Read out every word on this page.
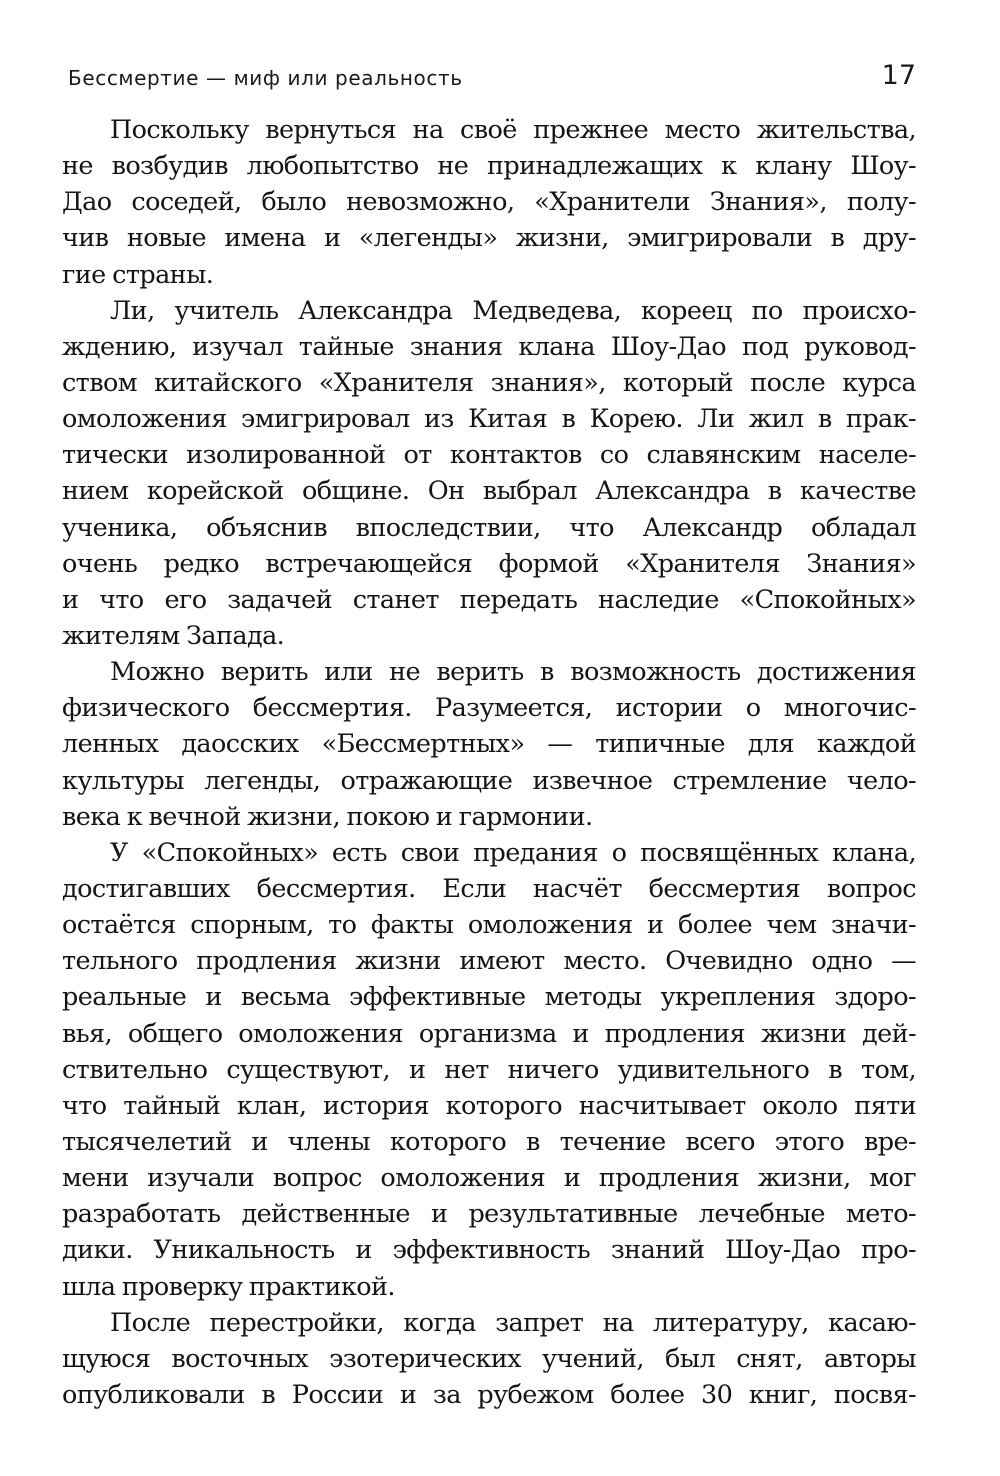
Бессмертие — миф или реальность	17
Поскольку вернуться на своё прежнее место жительства,
не возбудив любопытство не принадлежащих к клану Шоу-
Дао соседей, было невозможно, «Хранители Знания», полу-
чив новые имена и «легенды» жизни, эмигрировали в дру-
гие страны.
Ли, учитель Александра Медведева, кореец по происхо-
ждению, изучал тайные знания клана Шоу-Дао под руковод-
ством китайского «Хранителя знания», который после курса
омоложения эмигрировал из Китая в Корею. Ли жил в прак-
тически изолированной от контактов со славянским населе-
нием корейской общине. Он выбрал Александра в качестве
ученика, объяснив впоследствии, что Александр обладал
очень редко встречающейся формой «Хранителя Знания»
и что его задачей станет передать наследие «Спокойных»
жителям Запада.
Можно верить или не верить в возможность достижения
физического бессмертия. Разумеется, истории о многочис-
ленных даосских «Бессмертных» — типичные для каждой
культуры легенды, отражающие извечное стремление чело-
века к вечной жизни, покою и гармонии.
У «Спокойных» есть свои предания о посвящённых клана,
достигавших бессмертия. Если насчёт бессмертия вопрос
остаётся спорным, то факты омоложения и более чем значи-
тельного продления жизни имеют место. Очевидно одно —
реальные и весьма эффективные методы укрепления здоро-
вья, общего омоложения организма и продления жизни дей-
ствительно существуют, и нет ничего удивительного в том,
что тайный клан, история которого насчитывает около пяти
тысячелетий и члены которого в течение всего этого вре-
мени изучали вопрос омоложения и продления жизни, мог
разработать действенные и результативные лечебные мето-
дики. Уникальность и эффективность знаний Шоу-Дао про-
шла проверку практикой.
После перестройки, когда запрет на литературу, касаю-
щуюся восточных эзотерических учений, был снят, авторы
опубликовали в России и за рубежом более 30 книг, посвя-
